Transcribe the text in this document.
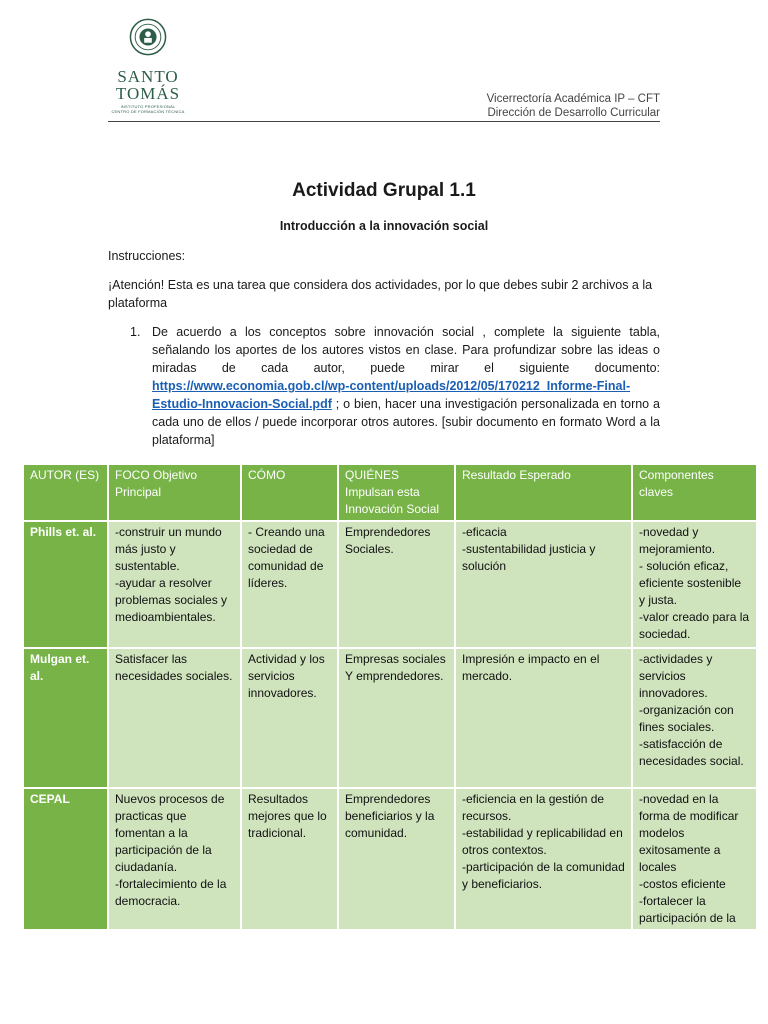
SANTO
TOMÁS
INSTITUTO PROFESIONAL
CENTRO DE FORMACIÓN TÉCNICA
Vicerrectoría Académica IP – CFT
Dirección de Desarrollo Curricular
Actividad Grupal 1.1
Introducción a la innovación social
Instrucciones:
¡Atención! Esta es una tarea que considera dos actividades, por lo que debes subir 2 archivos a la plataforma
1. De acuerdo a los conceptos sobre innovación social , complete la siguiente tabla, señalando los aportes de los autores vistos en clase. Para profundizar sobre las ideas o miradas de cada autor, puede mirar el siguiente documento: https://www.economia.gob.cl/wp-content/uploads/2012/05/170212_Informe-Final-Estudio-Innovacion-Social.pdf ; o bien, hacer una investigación personalizada en torno a cada uno de ellos / puede incorporar otros autores. [subir documento en formato Word a la plataforma]
AUTOR (ES)	FOCO Objetivo Principal	CÓMO	QUIÉNES Impulsan esta Innovación Social	Resultado Esperado	Componentes claves
Phills et. al.	-construir un mundo más justo y sustentable.
-ayudar a resolver problemas sociales y medioambientales.	- Creando una sociedad de comunidad de líderes.	Emprendedores Sociales.	-eficacia
-sustentabilidad justicia y solución	-novedad y mejoramiento.
- solución eficaz, eficiente sostenible y justa.
-valor creado para la sociedad.

Mulgan et. al.	Satisfacer las necesidades sociales.	Actividad y los servicios innovadores.	Empresas sociales Y emprendedores.	Impresión e impacto en el mercado.	-actividades y servicios innovadores.
-organización con fines sociales.
-satisfacción de necesidades social.

CEPAL	Nuevos procesos de practicas que fomentan a la participación de la ciudadanía.
-fortalecimiento de la democracia.	Resultados mejores que lo tradicional.	Emprendedores beneficiarios y la comunidad.	-eficiencia en la gestión de recursos.
-estabilidad y replicabilidad en otros contextos.
-participación de la comunidad y beneficiarios.	-novedad en la forma de modificar modelos exitosamente a locales
-costos eficiente
-fortalecer la participación de la
